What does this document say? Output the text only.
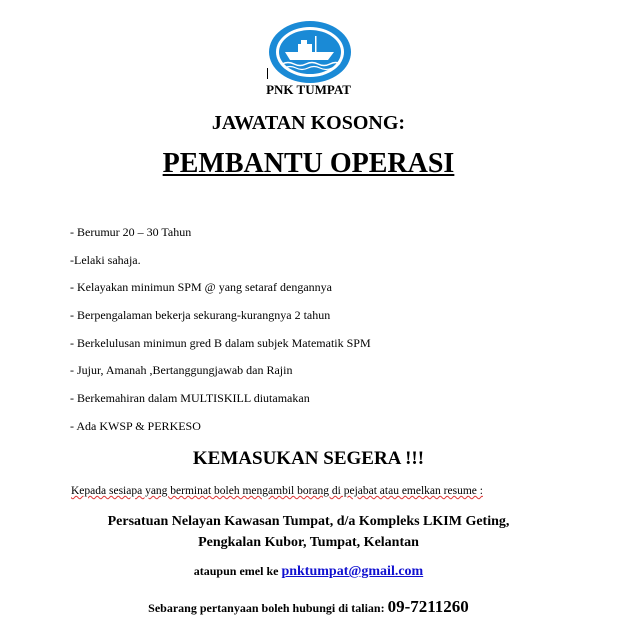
PNK TUMPAT
JAWATAN KOSONG:
PEMBANTU OPERASI
- Berumur 20 – 30 Tahun
-Lelaki sahaja.
- Kelayakan minimun SPM @ yang setaraf dengannya
- Berpengalaman bekerja sekurang-kurangnya 2 tahun
- Berkelulusan minimun gred B dalam subjek Matematik SPM
- Jujur, Amanah ,Bertanggungjawab dan Rajin
- Berkemahiran dalam MULTISKILL diutamakan
- Ada KWSP & PERKESO
KEMASUKAN SEGERA !!!
Kepada sesiapa yang berminat boleh mengambil borang di pejabat atau emelkan resume :
Persatuan Nelayan Kawasan Tumpat, d/a Kompleks LKIM Geting,
Pengkalan Kubor, Tumpat, Kelantan
ataupun emel ke pnktumpat@gmail.com
Sebarang pertanyaan boleh hubungi di talian: 09-7211260
